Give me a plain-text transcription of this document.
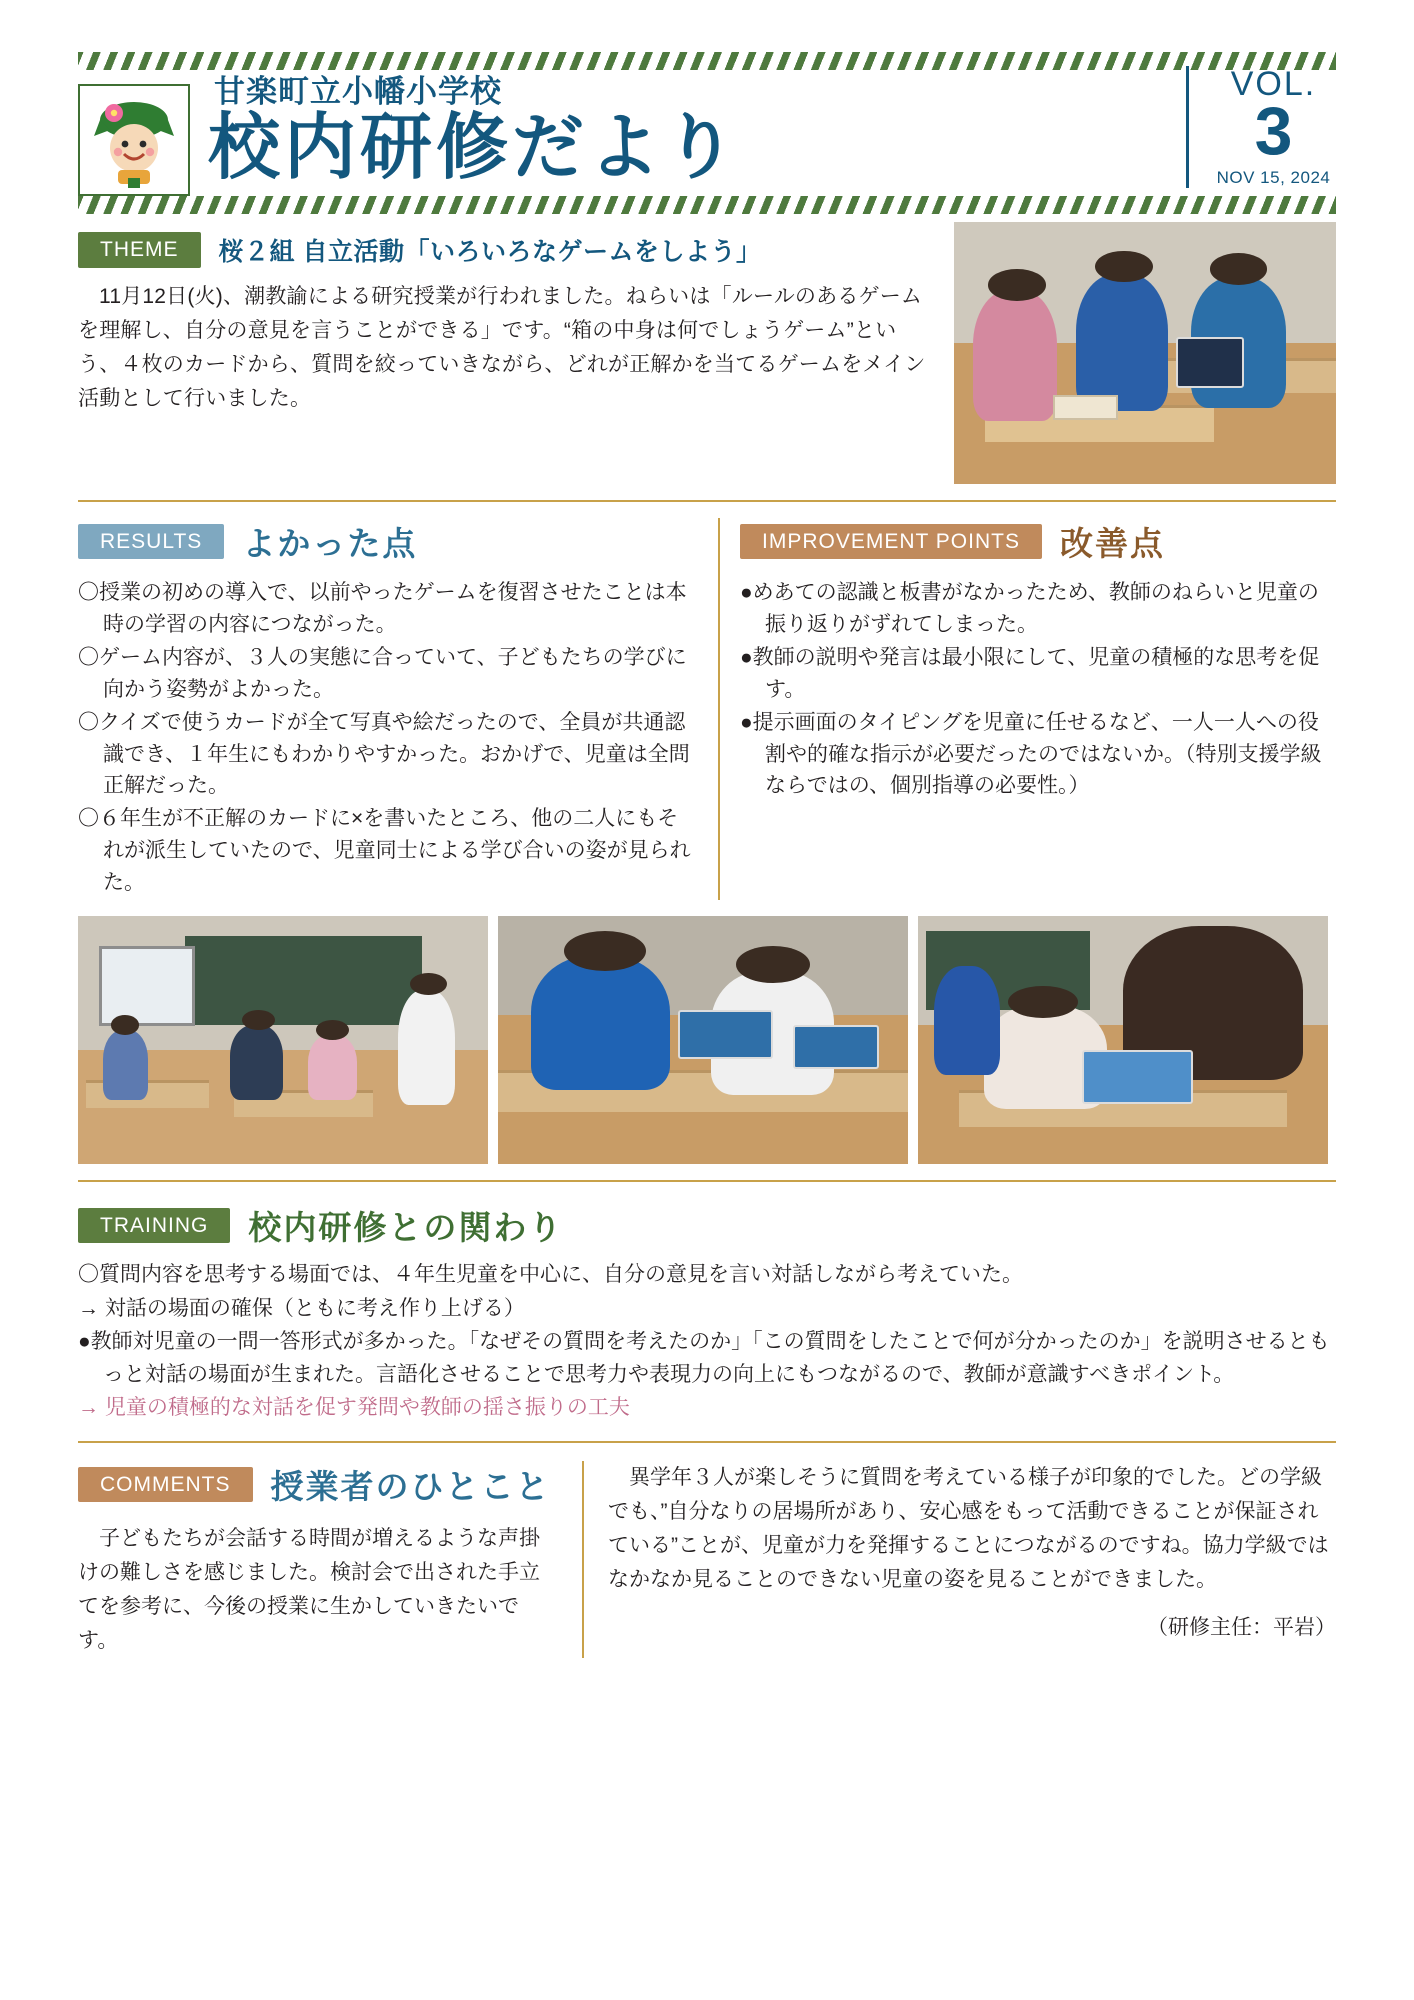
甘楽町立小幡小学校
校内研修だより
VOL.
3
NOV 15, 2024
THEME	桜２組 自立活動「いろいろなゲームをしよう」
11月12日(火)、潮教諭による研究授業が行われました。ねらいは「ルールのあるゲームを理解し、自分の意見を言うことができる」です。“箱の中身は何でしょうゲーム”という、４枚のカードから、質問を絞っていきながら、どれが正解かを当てるゲームをメイン活動として行いました。
RESULTS	よかった点
〇授業の初めの導入で、以前やったゲームを復習させたことは本時の学習の内容につながった。
〇ゲーム内容が、３人の実態に合っていて、子どもたちの学びに向かう姿勢がよかった。
〇クイズで使うカードが全て写真や絵だったので、全員が共通認識でき、１年生にもわかりやすかった。おかげで、児童は全問正解だった。
〇６年生が不正解のカードに×を書いたところ、他の二人にもそれが派生していたので、児童同士による学び合いの姿が見られた。
IMPROVEMENT POINTS	改善点
●めあての認識と板書がなかったため、教師のねらいと児童の振り返りがずれてしまった。
●教師の説明や発言は最小限にして、児童の積極的な思考を促す。
●提示画面のタイピングを児童に任せるなど、一人一人への役割や的確な指示が必要だったのではないか。（特別支援学級ならではの、個別指導の必要性。）
TRAINING	校内研修との関わり
〇質問内容を思考する場面では、４年生児童を中心に、自分の意見を言い対話しながら考えていた。
→ 対話の場面の確保（ともに考え作り上げる）
●教師対児童の一問一答形式が多かった。「なぜその質問を考えたのか」「この質問をしたことで何が分かったのか」を説明させるともっと対話の場面が生まれた。言語化させることで思考力や表現力の向上にもつながるので、教師が意識すべきポイント。
→ 児童の積極的な対話を促す発問や教師の揺さ振りの工夫
COMMENTS	授業者のひとこと
子どもたちが会話する時間が増えるような声掛けの難しさを感じました。検討会で出された手立てを参考に、今後の授業に生かしていきたいです。
異学年３人が楽しそうに質問を考えている様子が印象的でした。どの学級でも、”自分なりの居場所があり、安心感をもって活動できることが保証されている”ことが、児童が力を発揮することにつながるのですね。協力学級ではなかなか見ることのできない児童の姿を見ることができました。
（研修主任：平岩）
